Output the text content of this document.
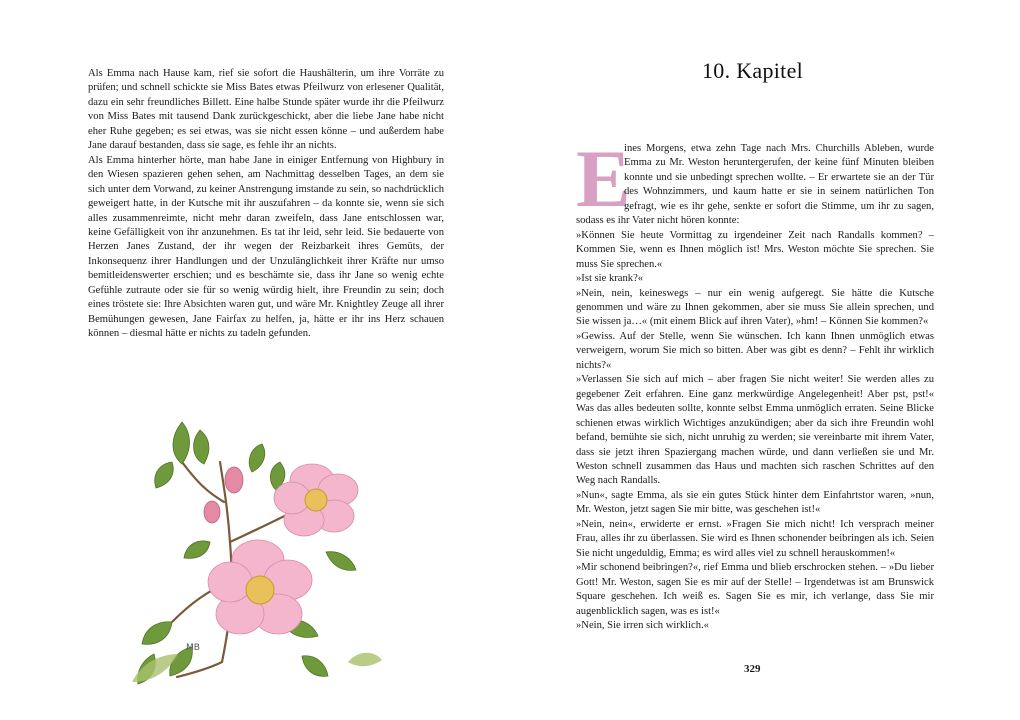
Als Emma nach Hause kam, rief sie sofort die Haushälterin, um ihre Vorräte zu prüfen; und schnell schickte sie Miss Bates etwas Pfeilwurz von erlesener Qualität, dazu ein sehr freundliches Billett. Eine halbe Stunde später wurde ihr die Pfeilwurz von Miss Bates mit tausend Dank zurückgeschickt, aber die liebe Jane habe nicht eher Ruhe gegeben; es sei etwas, was sie nicht essen könne – und außerdem habe Jane darauf bestanden, dass sie sage, es fehle ihr an nichts.

Als Emma hinterher hörte, man habe Jane in einiger Entfernung von Highbury in den Wiesen spazieren gehen sehen, am Nachmittag desselben Tages, an dem sie sich unter dem Vorwand, zu keiner Anstrengung imstande zu sein, so nachdrücklich geweigert hatte, in der Kutsche mit ihr auszufahren – da konnte sie, wenn sie sich alles zusammenreimte, nicht mehr daran zweifeln, dass Jane entschlossen war, keine Gefälligkeit von ihr anzunehmen. Es tat ihr leid, sehr leid. Sie bedauerte von Herzen Janes Zustand, der ihr wegen der Reizbarkeit ihres Gemüts, der Inkonsequenz ihrer Handlungen und der Unzulänglichkeit ihrer Kräfte nur umso bemitleidenswerter erschien; und es beschämte sie, dass ihr Jane so wenig echte Gefühle zutraute oder sie für so wenig würdig hielt, ihre Freundin zu sein; doch eines tröstete sie: Ihre Absichten waren gut, und wäre Mr. Knightley Zeuge all ihrer Bemühungen gewesen, Jane Fairfax zu helfen, ja, hätte er ihr ins Herz schauen können – diesmal hätte er nichts zu tadeln gefunden.

MB
10. Kapitel

E
ines Morgens, etwa zehn Tage nach Mrs. Churchills Ableben, wurde Emma zu Mr. Weston heruntergerufen, der keine fünf Minuten bleiben konnte und sie unbedingt sprechen wollte. – Er erwartete sie an der Tür des Wohnzimmers, und kaum hatte er sie in seinem natürlichen Ton gefragt, wie es ihr gehe, senkte er sofort die Stimme, um ihr zu sagen, sodass es ihr Vater nicht hören konnte:

»Können Sie heute Vormittag zu irgendeiner Zeit nach Randalls kommen? – Kommen Sie, wenn es Ihnen möglich ist! Mrs. Weston möchte Sie sprechen. Sie muss Sie sprechen.«

»Ist sie krank?«

»Nein, nein, keineswegs – nur ein wenig aufgeregt. Sie hätte die Kutsche genommen und wäre zu Ihnen gekommen, aber sie muss Sie allein sprechen, und Sie wissen ja…« (mit einem Blick auf ihren Vater), »hm! – Können Sie kommen?«

»Gewiss. Auf der Stelle, wenn Sie wünschen. Ich kann Ihnen unmöglich etwas verweigern, worum Sie mich so bitten. Aber was gibt es denn? – Fehlt ihr wirklich nichts?«

»Verlassen Sie sich auf mich – aber fragen Sie nicht weiter! Sie werden alles zu gegebener Zeit erfahren. Eine ganz merkwürdige Angelegenheit! Aber pst, pst!« Was das alles bedeuten sollte, konnte selbst Emma unmöglich erraten. Seine Blicke schienen etwas wirklich Wichtiges anzukündigen; aber da sich ihre Freundin wohl befand, bemühte sie sich, nicht unruhig zu werden; sie vereinbarte mit ihrem Vater, dass sie jetzt ihren Spaziergang machen würde, und dann verließen sie und Mr. Weston schnell zusammen das Haus und machten sich raschen Schrittes auf den Weg nach Randalls.

»Nun«, sagte Emma, als sie ein gutes Stück hinter dem Einfahrtstor waren, »nun, Mr. Weston, jetzt sagen Sie mir bitte, was geschehen ist!«

»Nein, nein«, erwiderte er ernst. »Fragen Sie mich nicht! Ich versprach meiner Frau, alles ihr zu überlassen. Sie wird es Ihnen schonender beibringen als ich. Seien Sie nicht ungeduldig, Emma; es wird alles viel zu schnell herauskommen!«

»Mir schonend beibringen?«, rief Emma und blieb erschrocken stehen. – »Du lieber Gott! Mr. Weston, sagen Sie es mir auf der Stelle! – Irgendetwas ist am Brunswick Square geschehen. Ich weiß es. Sagen Sie es mir, ich verlange, dass Sie mir augenblicklich sagen, was es ist!«

»Nein, Sie irren sich wirklich.«

329
